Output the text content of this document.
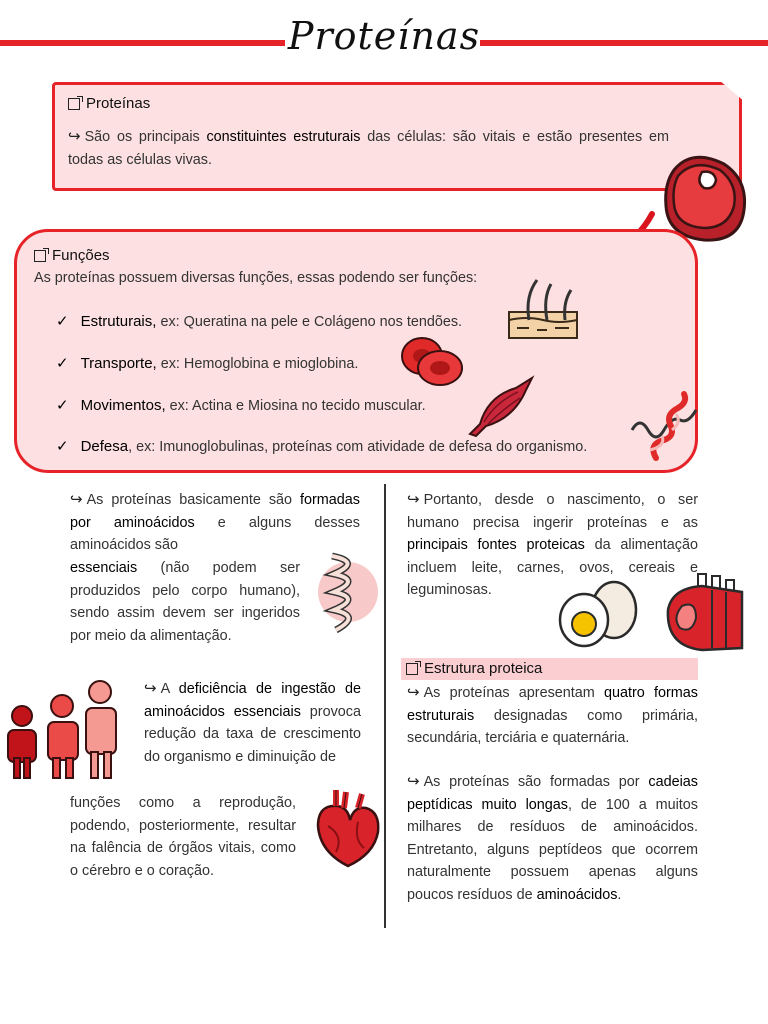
Proteínas
Proteínas
↪ São os principais constituintes estruturais das células: são vitais e estão presentes em todas as células vivas.
Funções
As proteínas possuem diversas funções, essas podendo ser funções:
✓ Estruturais, ex: Queratina na pele e Colágeno nos tendões.
✓ Transporte, ex: Hemoglobina e mioglobina.
✓ Movimentos, ex: Actina e Miosina no tecido muscular.
✓ Defesa, ex: Imunoglobulinas, proteínas com atividade de defesa do organismo.
↪ As proteínas basicamente são formadas por aminoácidos e alguns desses aminoácidos são
essenciais (não podem ser produzidos pelo corpo humano), sendo assim devem ser ingeridos por meio da alimentação.
↪ A deficiência de ingestão de aminoácidos essenciais provoca redução da taxa de crescimento do organismo e diminuição de
funções como a reprodução, podendo, posteriormente, resultar na falência de órgãos vitais, como o cérebro e o coração.
↪ Portanto, desde o nascimento, o ser humano precisa ingerir proteínas e as principais fontes proteicas da alimentação incluem leite, carnes, ovos, cereais e leguminosas.
Estrutura proteica
↪ As proteínas apresentam quatro formas estruturais designadas como primária, secundária, terciária e quaternária.
↪ As proteínas são formadas por cadeias peptídicas muito longas, de 100 a muitos milhares de resíduos de aminoácidos. Entretanto, alguns peptídeos que ocorrem naturalmente possuem apenas alguns poucos resíduos de aminoácidos.
